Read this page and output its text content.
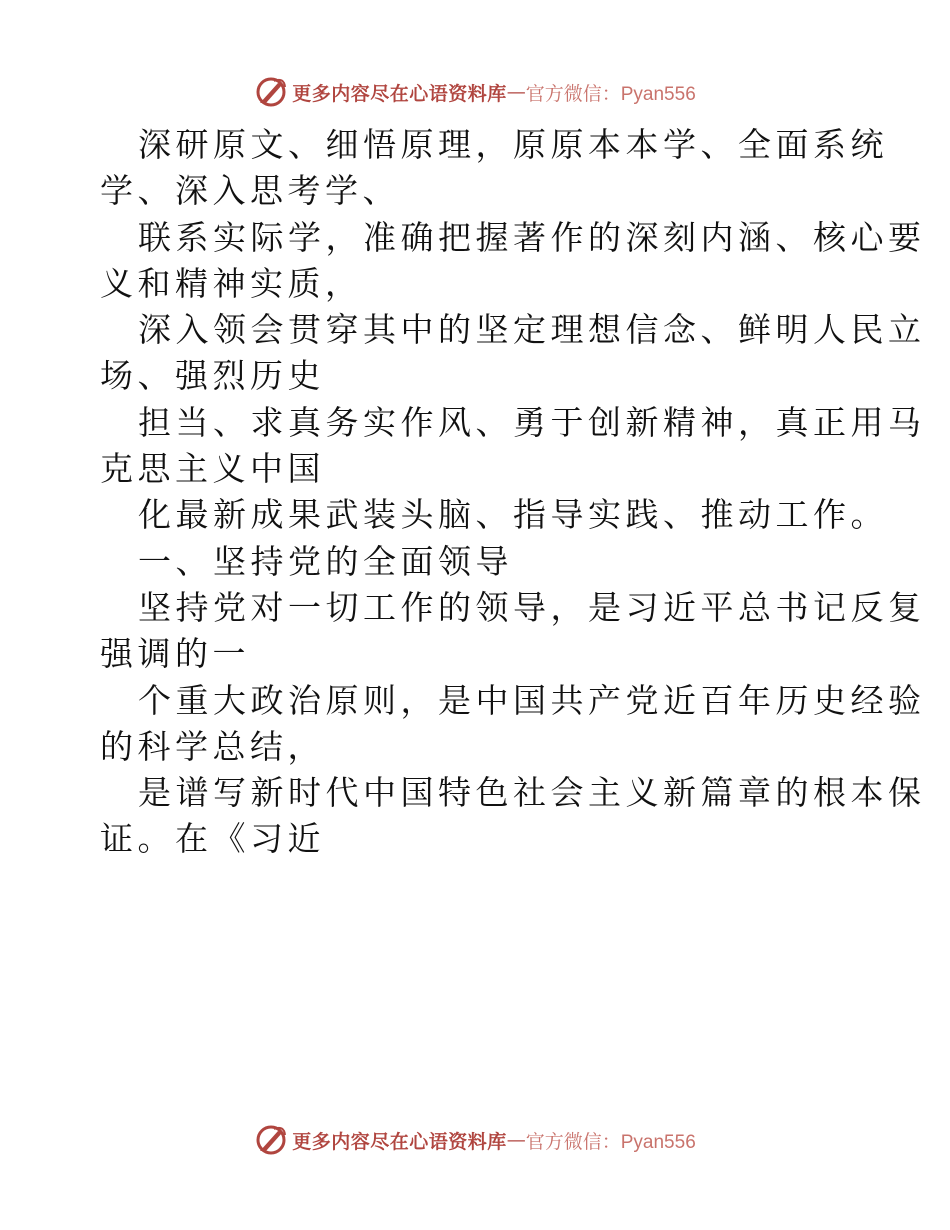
更多内容尽在心语资料库 — 官方微信：Pyan556
深研原文、细悟原理，原原本本学、全面系统
学、深入思考学、
联系实际学，准确把握著作的深刻内涵、核心要
义和精神实质，
深入领会贯穿其中的坚定理想信念、鲜明人民立
场、强烈历史
担当、求真务实作风、勇于创新精神，真正用马
克思主义中国
化最新成果武装头脑、指导实践、推动工作。
一、坚持党的全面领导
坚持党对一切工作的领导，是习近平总书记反复
强调的一
个重大政治原则，是中国共产党近百年历史经验
的科学总结，
是谱写新时代中国特色社会主义新篇章的根本保
证。在《习近
更多内容尽在心语资料库 — 官方微信：Pyan556
